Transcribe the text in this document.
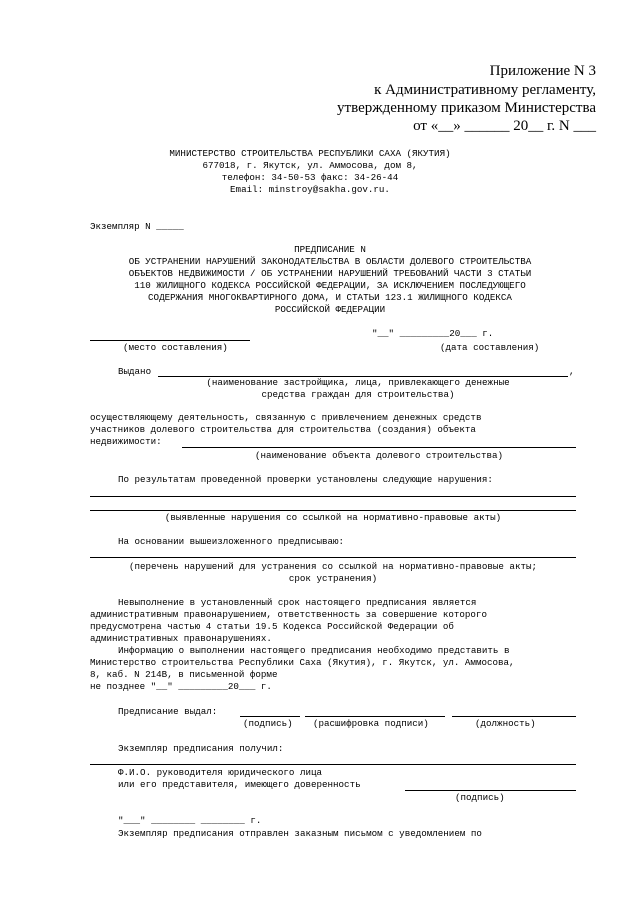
Приложение N 3
к Административному регламенту,
утвержденному приказом Министерства
от «__» ______ 20__ г. N ___
МИНИСТЕРСТВО СТРОИТЕЛЬСТВА РЕСПУБЛИКИ САХА (ЯКУТИЯ)
677018, г. Якутск, ул. Аммосова, дом 8,
телефон: 34-50-53 факс: 34-26-44
Email: minstroy@sakha.gov.ru.
Экземпляр N _____
ПРЕДПИСАНИЕ N
ОБ УСТРАНЕНИИ НАРУШЕНИЙ ЗАКОНОДАТЕЛЬСТВА В ОБЛАСТИ ДОЛЕВОГО СТРОИТЕЛЬСТВА
ОБЪЕКТОВ НЕДВИЖИМОСТИ / ОБ УСТРАНЕНИИ НАРУШЕНИЙ ТРЕБОВАНИЙ ЧАСТИ 3 СТАТЬИ
110 ЖИЛИЩНОГО КОДЕКСА РОССИЙСКОЙ ФЕДЕРАЦИИ, ЗА ИСКЛЮЧЕНИЕМ ПОСЛЕДУЮЩЕГО
СОДЕРЖАНИЯ МНОГОКВАРТИРНОГО ДОМА, И СТАТЬИ 123.1 ЖИЛИЩНОГО КОДЕКСА
РОССИЙСКОЙ ФЕДЕРАЦИИ
"__" _________20___ г.
(место составления)	(дата составления)
Выдано	,
(наименование застройщика, лица, привлекающего денежные
средства граждан для строительства)
осуществляющему деятельность, связанную с привлечением денежных средств
участников долевого строительства для строительства (создания) объекта
недвижимости:
(наименование объекта долевого строительства)
По результатам проведенной проверки установлены следующие нарушения:
(выявленные нарушения со ссылкой на нормативно-правовые акты)
На основании вышеизложенного предписываю:
(перечень нарушений для устранения со ссылкой на нормативно-правовые акты;
срок устранения)
Невыполнение в установленный срок настоящего предписания является
административным правонарушением, ответственность за совершение которого
предусмотрена частью 4 статьи 19.5 Кодекса Российской Федерации об
административных правонарушениях.
Информацию о выполнении настоящего предписания необходимо представить в
Министерство строительства Республики Саха (Якутия), г. Якутск, ул. Аммосова,
8, каб. N 214В, в письменной форме
не позднее "__" _________20___ г.
Предписание выдал:
(подпись) (расшифровка подписи)	(должность)
Экземпляр предписания получил:
Ф.И.О. руководителя юридического лица
или его представителя, имеющего доверенность
(подпись)
"___" ________ ________ г.
Экземпляр предписания отправлен заказным письмом с уведомлением по
